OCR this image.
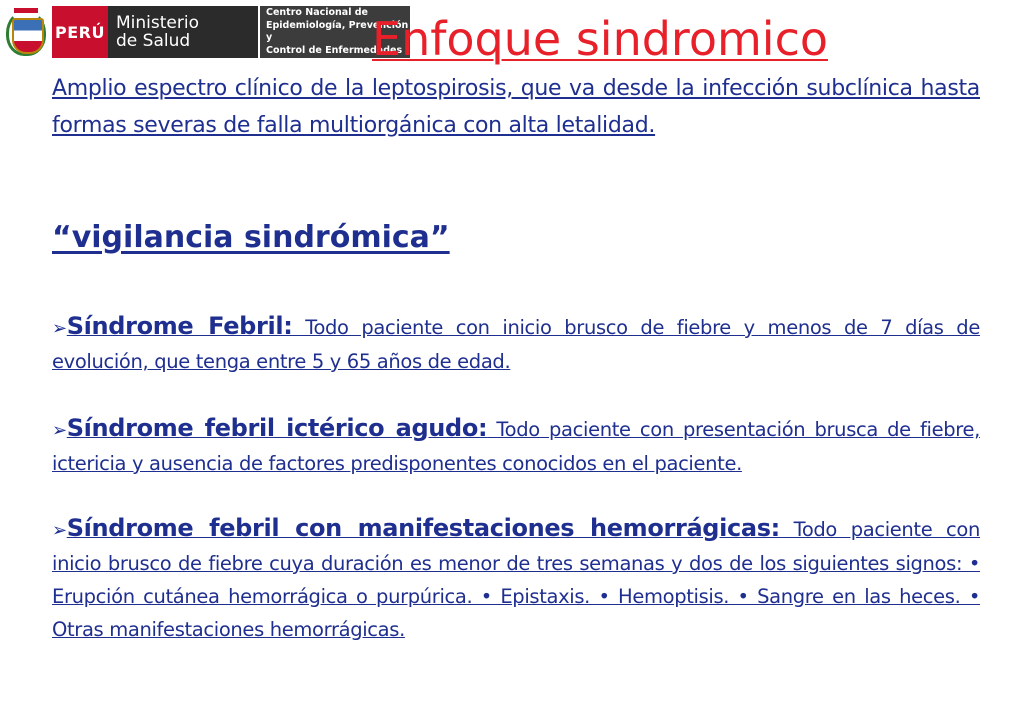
PERÚ Ministerio
de Salud
Centro Nacional de
Epidemiología, Prevención y
Control de Enfermedades
Enfoque sindromico

Amplio espectro clínico de la leptospirosis, que va desde la infección subclínica hasta formas severas de falla multiorgánica con alta letalidad.

“vigilancia sindrómica”

➢Síndrome Febril: Todo paciente con inicio brusco de fiebre y menos de 7 días de evolución, que tenga entre 5 y 65 años de edad.
➢Síndrome febril ictérico agudo: Todo paciente con presentación brusca de fiebre, ictericia y ausencia de factores predisponentes conocidos en el paciente.
➢Síndrome febril con manifestaciones hemorrágicas: Todo paciente con inicio brusco de fiebre cuya duración es menor de tres semanas y dos de los siguientes signos: • Erupción cutánea hemorrágica o purpúrica. • Epistaxis. • Hemoptisis. • Sangre en las heces. • Otras manifestaciones hemorrágicas.
